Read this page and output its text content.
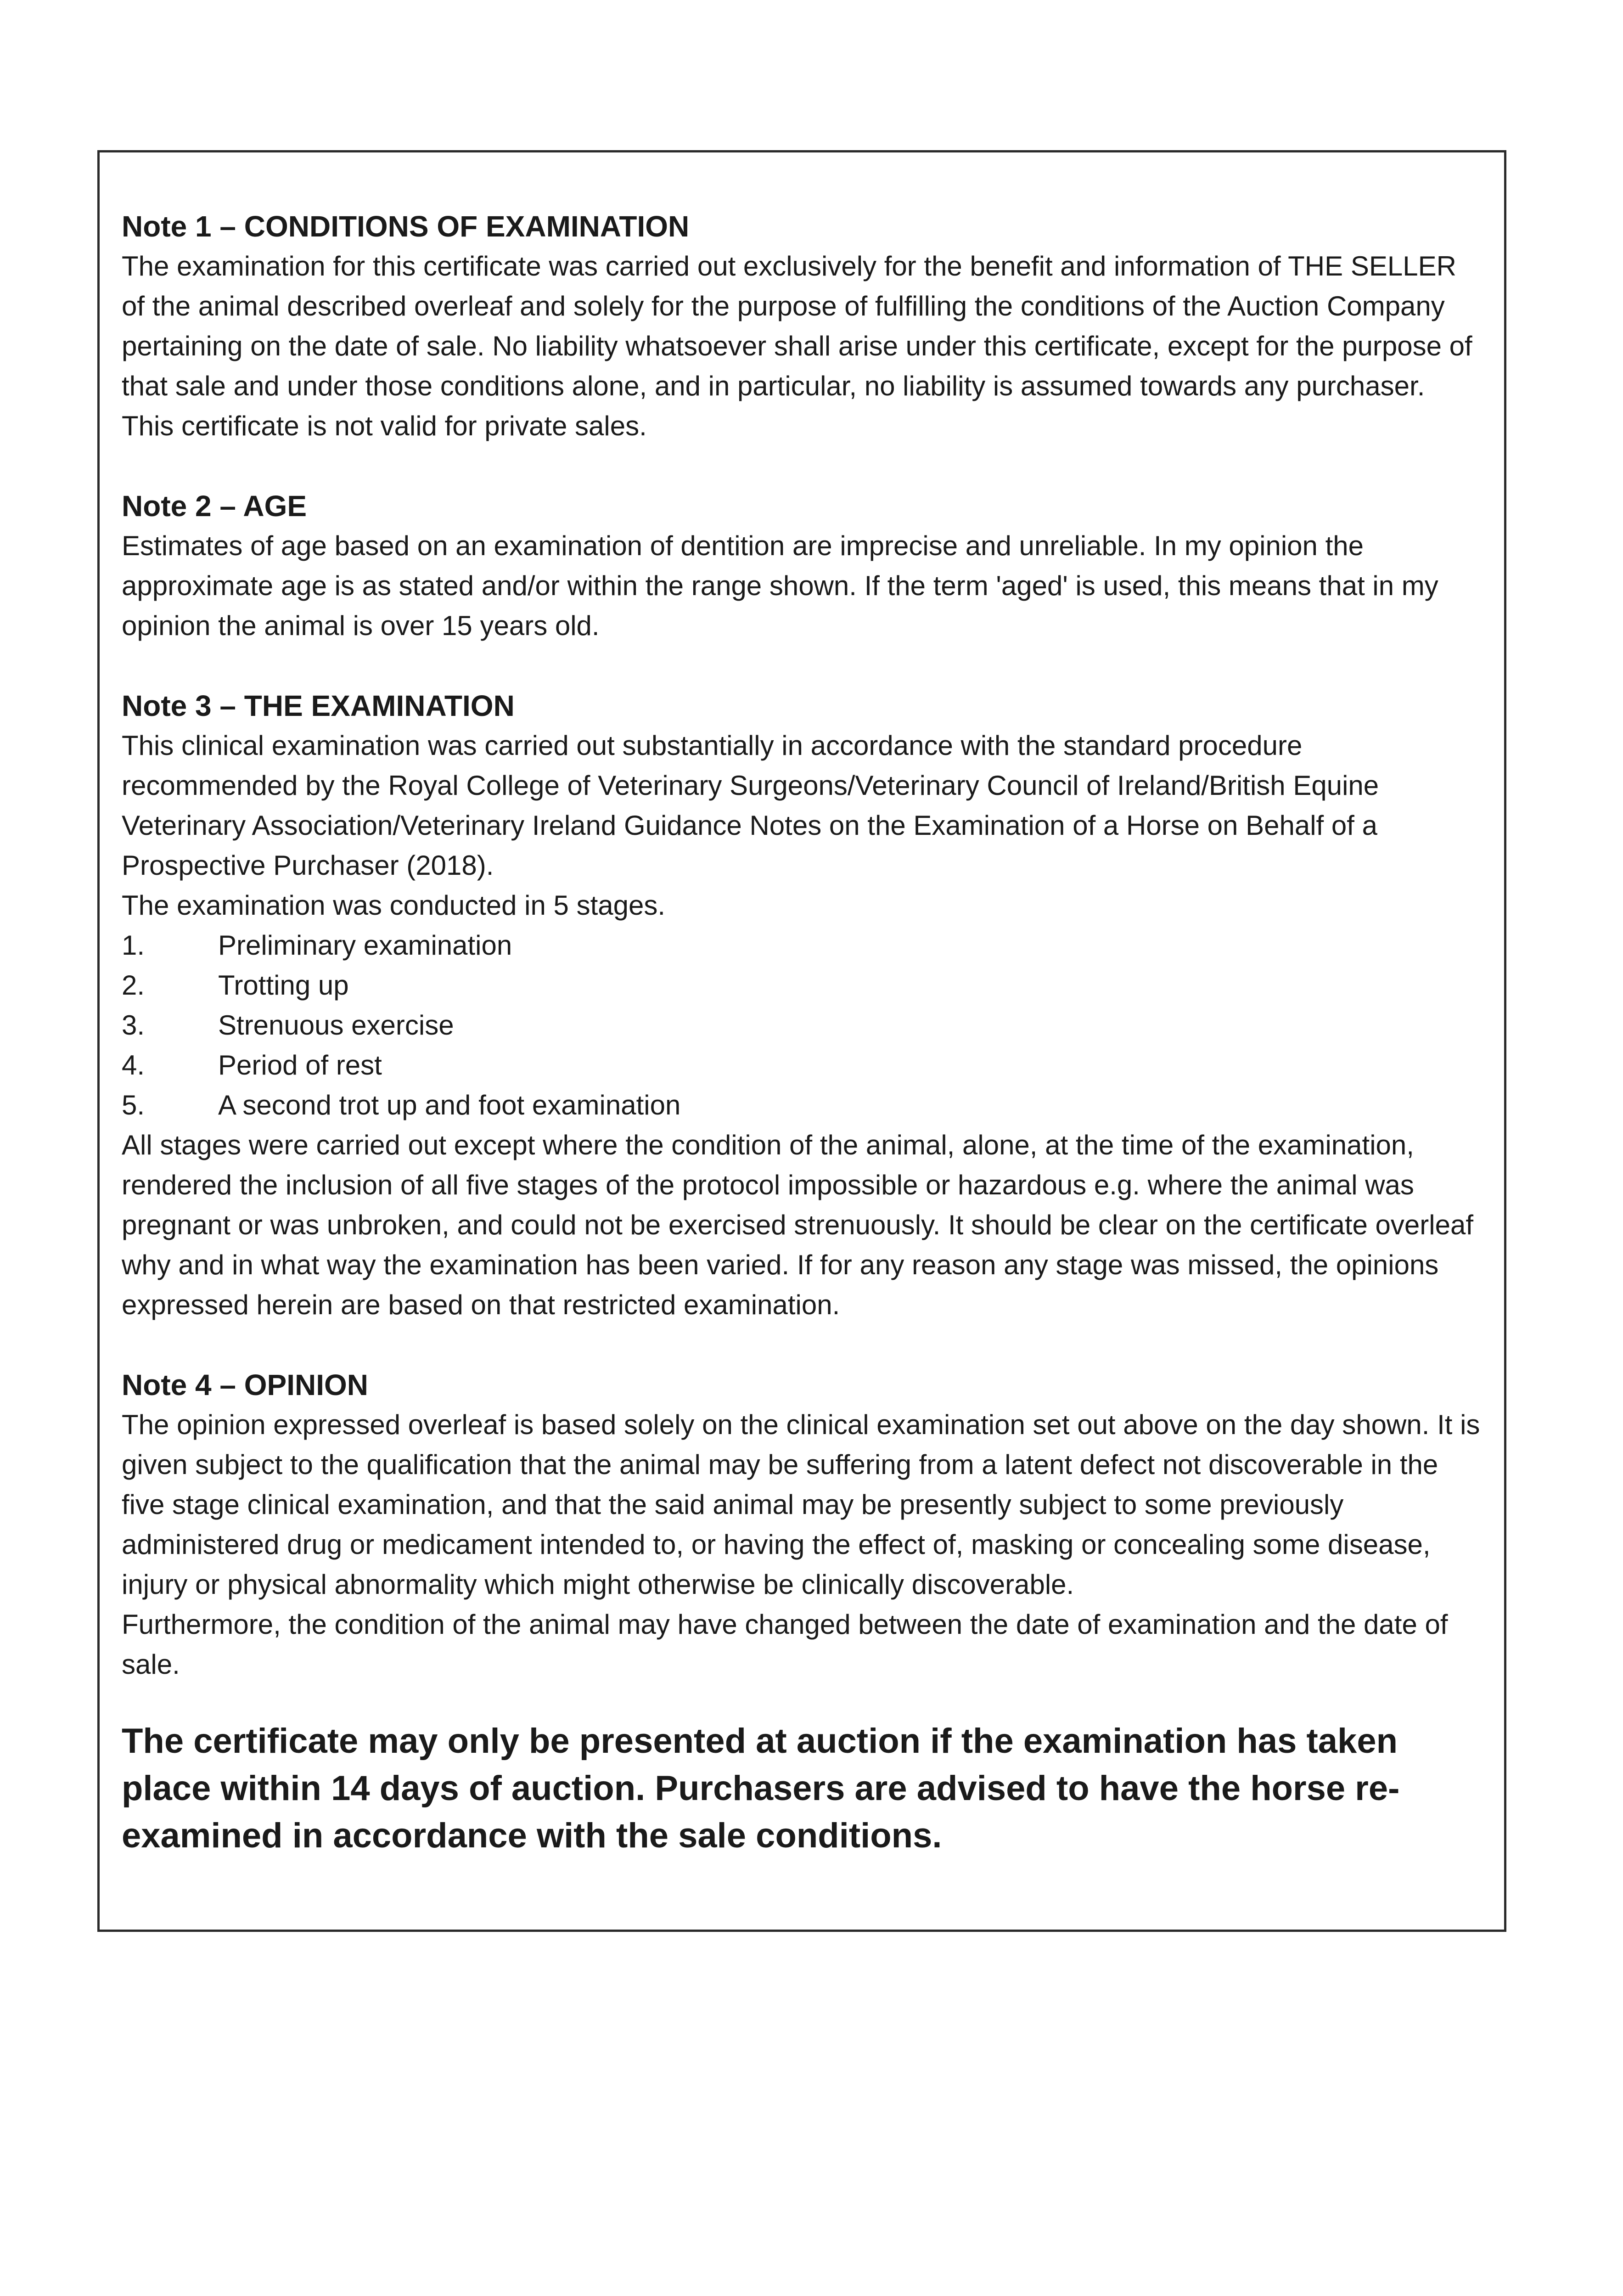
Note 1 – CONDITIONS OF EXAMINATION

The examination for this certificate was carried out exclusively for the benefit and information of THE SELLER of the animal described overleaf and solely for the purpose of fulfilling the conditions of the Auction Company pertaining on the date of sale. No liability whatsoever shall arise under this certificate, except for the purpose of that sale and under those conditions alone, and in particular, no liability is assumed towards any purchaser. This certificate is not valid for private sales.

Note 2 – AGE

Estimates of age based on an examination of dentition are imprecise and unreliable. In my opinion the approximate age is as stated and/or within the range shown. If the term 'aged' is used, this means that in my opinion the animal is over 15 years old.

Note 3 – THE EXAMINATION

This clinical examination was carried out substantially in accordance with the standard procedure recommended by the Royal College of Veterinary Surgeons/Veterinary Council of Ireland/British Equine Veterinary Association/Veterinary Ireland Guidance Notes on the Examination of a Horse on Behalf of a Prospective Purchaser (2018).

The examination was conducted in 5 stages.

1.	Preliminary examination
2.	Trotting up
3.	Strenuous exercise
4.	Period of rest
5.	A second trot up and foot examination

All stages were carried out except where the condition of the animal, alone, at the time of the examination, rendered the inclusion of all five stages of the protocol impossible or hazardous e.g. where the animal was pregnant or was unbroken, and could not be exercised strenuously. It should be clear on the certificate overleaf why and in what way the examination has been varied. If for any reason any stage was missed, the opinions expressed herein are based on that restricted examination.

Note 4 – OPINION

The opinion expressed overleaf is based solely on the clinical examination set out above on the day shown. It is given subject to the qualification that the animal may be suffering from a latent defect not discoverable in the five stage clinical examination, and that the said animal may be presently subject to some previously administered drug or medicament intended to, or having the effect of, masking or concealing some disease, injury or physical abnormality which might otherwise be clinically discoverable.

Furthermore, the condition of the animal may have changed between the date of examination and the date of sale.

The certificate may only be presented at auction if the examination has taken place within 14 days of auction. Purchasers are advised to have the horse re-examined in accordance with the sale conditions.
